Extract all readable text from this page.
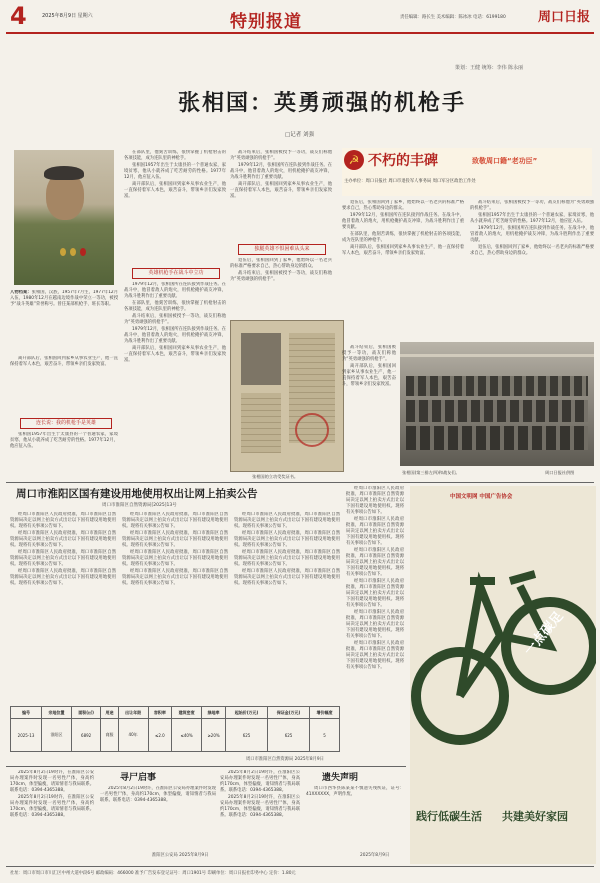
4	2025年8月9日 星期六	特别报道	责任编辑：路长生 美术编辑：陈冰冰 电话：6199180 周口日报
策划：王健 统筹：李伟 陈永丽
张相国：英勇顽强的机枪手
□记者 刘强

人物档案：张相国，汉族，1957年7月生，1977年12月入伍，1980年12月在越南边境作战中荣立一等功，被授予“战斗英雄”荣誉称号。曾任某部机枪手、班长等职。

离开部队后，张相国回到家乡从事农业生产，他一直保持着军人本色，艰苦奋斗，带领乡亲们发家致富。

连长说：我的机枪手是英雄

张相国1957年出生于太康县的一个普通农家，家境贫寒，他从小就养成了吃苦耐劳的性格。1977年12月，他应征入伍。

在部队里，他刻苦训练，很快掌握了机枪射击的各项技能，成为连队里的神枪手。

张相国1957年出生于太康县的一个普通农家，家境贫寒，他从小就养成了吃苦耐劳的性格。1977年12月，他应征入伍。

离开部队后，张相国回到家乡从事农业生产，他一直保持着军人本色，艰苦奋斗，带领乡亲们发家致富。

英雄机枪手在战斗中立功

1979年12月，张相国所在连队接到作战任务。在战斗中，他冒着敌人的炮火，用机枪掩护战友冲锋，为战斗胜利作出了重要贡献。

在部队里，他刻苦训练，很快掌握了机枪射击的各项技能，成为连队里的神枪手。

战斗结束后，张相国被授予一等功，战友们称他为“英勇顽强的机枪手”。

1979年12月，张相国所在连队接到作战任务。在战斗中，他冒着敌人的炮火，用机枪掩护战友冲锋，为战斗胜利作出了重要贡献。

离开部队后，张相国回到家乡从事农业生产，他一直保持着军人本色，艰苦奋斗，带领乡亲们发家致富。

战斗结束后，张相国被授予一等功，战友们称他为“英勇顽强的机枪手”。

1979年12月，张相国所在连队接到作战任务。在战斗中，他冒着敌人的炮火，用机枪掩护战友冲锋，为战斗胜利作出了重要贡献。

离开部队后，张相国回到家乡从事农业生产，他一直保持着军人本色，艰苦奋斗，带领乡亲们发家致富。

独腿英雄不惧困难从头来

退伍后，张相国回到了家乡，他始终以一名老兵的标准严格要求自己，热心帮助身边的群众。

战斗结束后，张相国被授予一等功，战友们称他为“英勇顽强的机枪手”。

张相国的立功受奖证书。
☭ 不朽的丰碑	致敬周口籍“老功臣”
主办单位：周口日报社 周口市退役军人事务局 周口军分区政治工作处

退伍后，张相国回到了家乡，他始终以一名老兵的标准严格要求自己，热心帮助身边的群众。

1979年12月，张相国所在连队接到作战任务。在战斗中，他冒着敌人的炮火，用机枪掩护战友冲锋，为战斗胜利作出了重要贡献。

在部队里，他刻苦训练，很快掌握了机枪射击的各项技能，成为连队里的神枪手。

离开部队后，张相国回到家乡从事农业生产，他一直保持着军人本色，艰苦奋斗，带领乡亲们发家致富。

战斗结束后，张相国被授予一等功，战友们称他为“英勇顽强的机枪手”。

张相国1957年出生于太康县的一个普通农家，家境贫寒，他从小就养成了吃苦耐劳的性格。1977年12月，他应征入伍。

1979年12月，张相国所在连队接到作战任务。在战斗中，他冒着敌人的炮火，用机枪掩护战友冲锋，为战斗胜利作出了重要贡献。

退伍后，张相国回到了家乡，他始终以一名老兵的标准严格要求自己，热心帮助身边的群众。

张相国(第三排左四)和战友们。	周口日报社供图

战斗结束后，张相国被授予一等功，战友们称他为“英勇顽强的机枪手”。

离开部队后，张相国回到家乡从事农业生产，他一直保持着军人本色，艰苦奋斗，带领乡亲们发家致富。

周口市淮阳区国有建设用地使用权出让网上拍卖公告
周口市淮阳区自然资源局[2025]13号

经周口市淮阳区人民政府批准，周口市淮阳区自然资源局决定以网上拍卖方式出让以下国有建设用地使用权。现将有关事项公告如下。

经周口市淮阳区人民政府批准，周口市淮阳区自然资源局决定以网上拍卖方式出让以下国有建设用地使用权。现将有关事项公告如下。

经周口市淮阳区人民政府批准，周口市淮阳区自然资源局决定以网上拍卖方式出让以下国有建设用地使用权。现将有关事项公告如下。

经周口市淮阳区人民政府批准，周口市淮阳区自然资源局决定以网上拍卖方式出让以下国有建设用地使用权。现将有关事项公告如下。

经周口市淮阳区人民政府批准，周口市淮阳区自然资源局决定以网上拍卖方式出让以下国有建设用地使用权。现将有关事项公告如下。

经周口市淮阳区人民政府批准，周口市淮阳区自然资源局决定以网上拍卖方式出让以下国有建设用地使用权。现将有关事项公告如下。

经周口市淮阳区人民政府批准，周口市淮阳区自然资源局决定以网上拍卖方式出让以下国有建设用地使用权。现将有关事项公告如下。

经周口市淮阳区人民政府批准，周口市淮阳区自然资源局决定以网上拍卖方式出让以下国有建设用地使用权。现将有关事项公告如下。

经周口市淮阳区人民政府批准，周口市淮阳区自然资源局决定以网上拍卖方式出让以下国有建设用地使用权。现将有关事项公告如下。

经周口市淮阳区人民政府批准，周口市淮阳区自然资源局决定以网上拍卖方式出让以下国有建设用地使用权。现将有关事项公告如下。

经周口市淮阳区人民政府批准，周口市淮阳区自然资源局决定以网上拍卖方式出让以下国有建设用地使用权。现将有关事项公告如下。

经周口市淮阳区人民政府批准，周口市淮阳区自然资源局决定以网上拍卖方式出让以下国有建设用地使用权。现将有关事项公告如下。

编号	宗地位置	面积(㎡)	用途	出让年限	容积率	建筑密度	绿地率	起始价(万元)	保证金(万元)	增价幅度
2025-13	淮阳区	6892	商服	40年	≤2.0	≤40%	≥20%	625	625	5
周口市淮阳区自然资源局 2025年8月9日

经周口市淮阳区人民政府批准，周口市淮阳区自然资源局决定以网上拍卖方式出让以下国有建设用地使用权。现将有关事项公告如下。

经周口市淮阳区人民政府批准，周口市淮阳区自然资源局决定以网上拍卖方式出让以下国有建设用地使用权。现将有关事项公告如下。

经周口市淮阳区人民政府批准，周口市淮阳区自然资源局决定以网上拍卖方式出让以下国有建设用地使用权。现将有关事项公告如下。

经周口市淮阳区人民政府批准，周口市淮阳区自然资源局决定以网上拍卖方式出让以下国有建设用地使用权。现将有关事项公告如下。

经周口市淮阳区人民政府批准，周口市淮阳区自然资源局决定以网上拍卖方式出让以下国有建设用地使用权。现将有关事项公告如下。

经周口市淮阳区人民政府批准，周口市淮阳区自然资源局决定以网上拍卖方式出让以下国有建设用地使用权。现将有关事项公告如下。

2025年8月2日19时许，在淮阳区公安局办理案件时发现一名男性尸体，身高约170cm，体型偏瘦，请知情者与我局联系。联系电话：0394-4365388。

2025年8月2日19时许，在淮阳区公安局办理案件时发现一名男性尸体，身高约170cm，体型偏瘦，请知情者与我局联系。联系电话：0394-4365388。

寻尸启事

2025年8月2日19时许，在淮阳区公安局办理案件时发现一名男性尸体，身高约170cm，体型偏瘦，请知情者与我局联系。联系电话：0394-4365388。

淮阳区公安局 2025年8月9日

2025年8月2日19时许，在淮阳区公安局办理案件时发现一名男性尸体，身高约170cm，体型偏瘦，请知情者与我局联系。联系电话：0394-4365388。

2025年8月2日19时许，在淮阳区公安局办理案件时发现一名男性尸体，身高约170cm，体型偏瘦，请知情者与我局联系。联系电话：0394-4365388。

遗失声明

周口市西华县陈某某不慎遗失残疾证，证号：41XXXXXX，声明作废。

2025年8月9日
中国文明网 中国广告协会
一点碳足
践行低碳生活 共建美好家园
社址：周口市周口市川汇区中州大道中段6号 邮政编码：466000 准予广告发布登记证号：周口1901号 印刷单位：周口日报社印务中心 定价：1.80元
